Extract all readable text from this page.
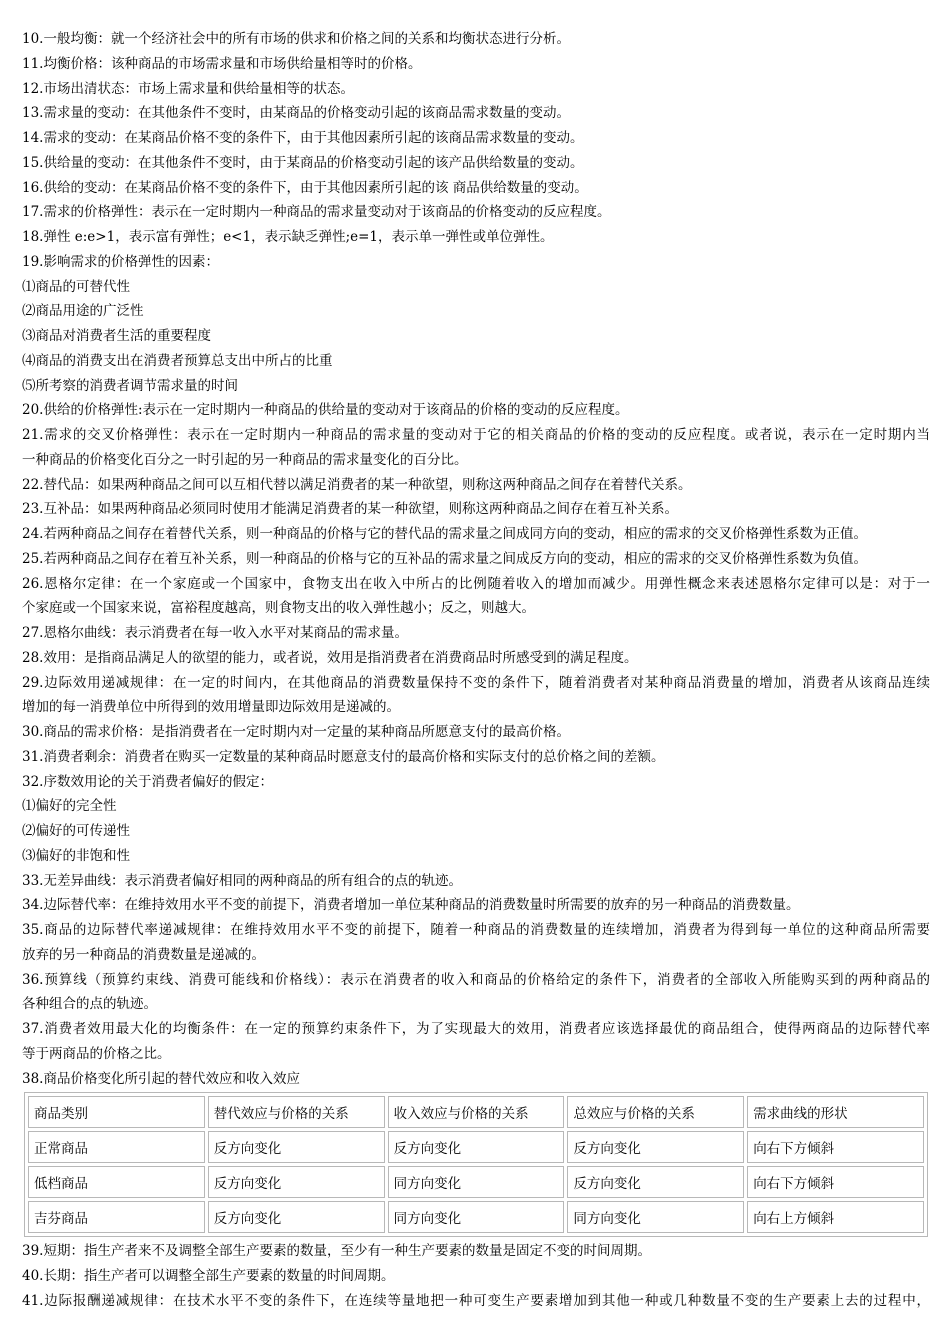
10.一般均衡：就一个经济社会中的所有市场的供求和价格之间的关系和均衡状态进行分析。
11.均衡价格：该种商品的市场需求量和市场供给量相等时的价格。
12.市场出清状态：市场上需求量和供给量相等的状态。
13.需求量的变动：在其他条件不变时，由某商品的价格变动引起的该商品需求数量的变动。
14.需求的变动：在某商品价格不变的条件下，由于其他因素所引起的该商品需求数量的变动。
15.供给量的变动：在其他条件不变时，由于某商品的价格变动引起的该产品供给数量的变动。
16.供给的变动：在某商品价格不变的条件下，由于其他因素所引起的该 商品供给数量的变动。
17.需求的价格弹性：表示在一定时期内一种商品的需求量变动对于该商品的价格变动的反应程度。
18.弹性 e:e>1，表示富有弹性；e<1，表示缺乏弹性;e=1，表示单一弹性或单位弹性。
19.影响需求的价格弹性的因素：
⑴商品的可替代性
⑵商品用途的广泛性
⑶商品对消费者生活的重要程度
⑷商品的消费支出在消费者预算总支出中所占的比重
⑸所考察的消费者调节需求量的时间
20.供给的价格弹性:表示在一定时期内一种商品的供给量的变动对于该商品的价格的变动的反应程度。
21.需求的交叉价格弹性：表示在一定时期内一种商品的需求量的变动对于它的相关商品的价格的变动的反应程度。或者说，表示在一定时期内当
一种商品的价格变化百分之一时引起的另一种商品的需求量变化的百分比。
22.替代品：如果两种商品之间可以互相代替以满足消费者的某一种欲望，则称这两种商品之间存在着替代关系。
23.互补品：如果两种商品必须同时使用才能满足消费者的某一种欲望，则称这两种商品之间存在着互补关系。
24.若两种商品之间存在着替代关系，则一种商品的价格与它的替代品的需求量之间成同方向的变动，相应的需求的交叉价格弹性系数为正值。
25.若两种商品之间存在着互补关系，则一种商品的价格与它的互补品的需求量之间成反方向的变动，相应的需求的交叉价格弹性系数为负值。
26.恩格尔定律：在一个家庭或一个国家中，食物支出在收入中所占的比例随着收入的增加而减少。用弹性概念来表述恩格尔定律可以是：对于一
个家庭或一个国家来说，富裕程度越高，则食物支出的收入弹性越小；反之，则越大。
27.恩格尔曲线：表示消费者在每一收入水平对某商品的需求量。
28.效用：是指商品满足人的欲望的能力，或者说，效用是指消费者在消费商品时所感受到的满足程度。
29.边际效用递减规律：在一定的时间内，在其他商品的消费数量保持不变的条件下，随着消费者对某种商品消费量的增加，消费者从该商品连续
增加的每一消费单位中所得到的效用增量即边际效用是递减的。
30.商品的需求价格：是指消费者在一定时期内对一定量的某种商品所愿意支付的最高价格。
31.消费者剩余：消费者在购买一定数量的某种商品时愿意支付的最高价格和实际支付的总价格之间的差额。
32.序数效用论的关于消费者偏好的假定：
⑴偏好的完全性
⑵偏好的可传递性
⑶偏好的非饱和性
33.无差异曲线：表示消费者偏好相同的两种商品的所有组合的点的轨迹。
34.边际替代率：在维持效用水平不变的前提下，消费者增加一单位某种商品的消费数量时所需要的放弃的另一种商品的消费数量。
35.商品的边际替代率递减规律：在维持效用水平不变的前提下，随着一种商品的消费数量的连续增加，消费者为得到每一单位的这种商品所需要
放弃的另一种商品的消费数量是递减的。
36.预算线（预算约束线、消费可能线和价格线）：表示在消费者的收入和商品的价格给定的条件下，消费者的全部收入所能购买到的两种商品的
各种组合的点的轨迹。
37.消费者效用最大化的均衡条件：在一定的预算约束条件下，为了实现最大的效用，消费者应该选择最优的商品组合，使得两商品的边际替代率
等于两商品的价格之比。
38.商品价格变化所引起的替代效应和收入效应
商品类别	替代效应与价格的关系	收入效应与价格的关系	总效应与价格的关系	需求曲线的形状
正常商品	反方向变化	反方向变化	反方向变化	向右下方倾斜
低档商品	反方向变化	同方向变化	反方向变化	向右下方倾斜
吉芬商品	反方向变化	同方向变化	同方向变化	向右上方倾斜
39.短期：指生产者来不及调整全部生产要素的数量，至少有一种生产要素的数量是固定不变的时间周期。
40.长期：指生产者可以调整全部生产要素的数量的时间周期。
41.边际报酬递减规律：在技术水平不变的条件下，在连续等量地把一种可变生产要素增加到其他一种或几种数量不变的生产要素上去的过程中，
